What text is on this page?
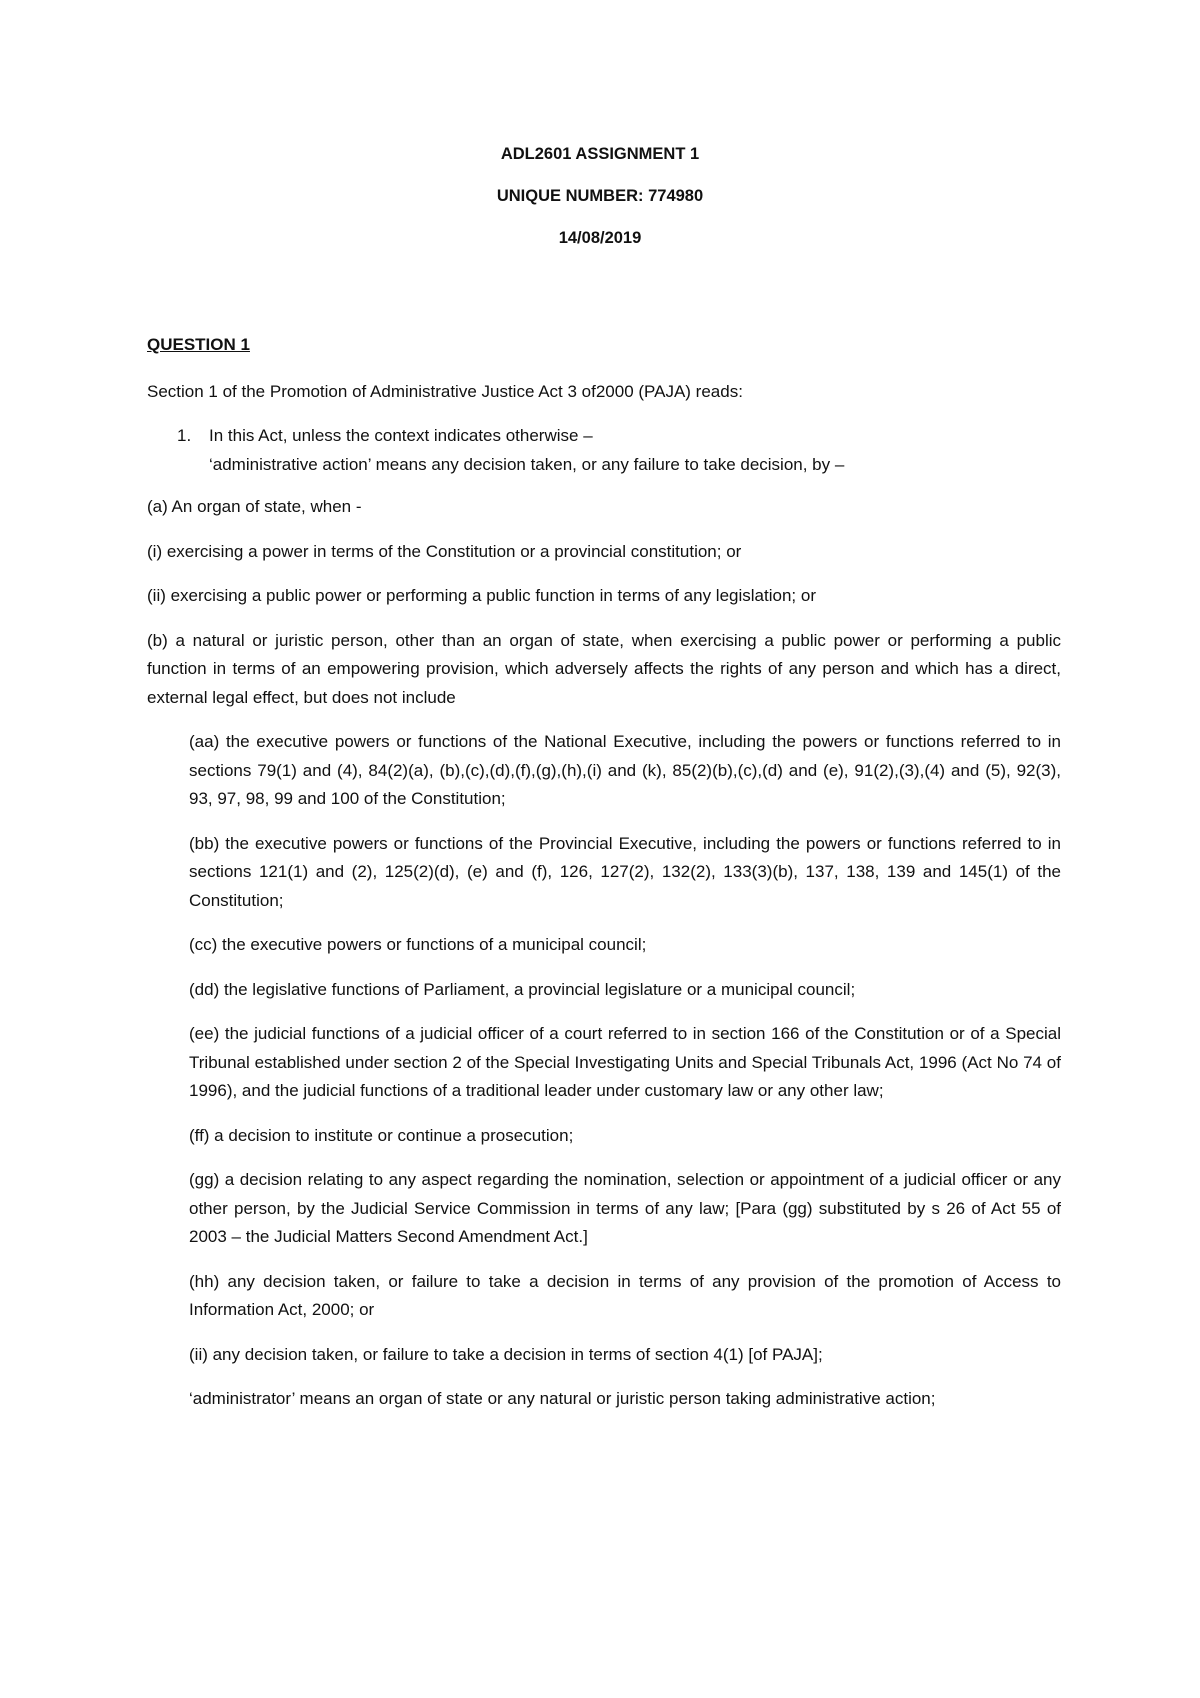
ADL2601 ASSIGNMENT 1
UNIQUE NUMBER: 774980
14/08/2019
QUESTION 1
Section 1 of the Promotion of Administrative Justice Act 3 of2000 (PAJA) reads:
1.	In this Act, unless the context indicates otherwise –
‘administrative action’ means any decision taken, or any failure to take decision, by –
(a) An organ of state, when -
(i) exercising a power in terms of the Constitution or a provincial constitution; or
(ii) exercising a public power or performing a public function in terms of any legislation; or
(b) a natural or juristic person, other than an organ of state, when exercising a public power or performing a public function in terms of an empowering provision, which adversely affects the rights of any person and which has a direct, external legal effect, but does not include
(aa) the executive powers or functions of the National Executive, including the powers or functions referred to in sections 79(1) and (4), 84(2)(a), (b),(c),(d),(f),(g),(h),(i) and (k), 85(2)(b),(c),(d) and (e), 91(2),(3),(4) and (5), 92(3), 93, 97, 98, 99 and 100 of the Constitution;
(bb) the executive powers or functions of the Provincial Executive, including the powers or functions referred to in sections 121(1) and (2), 125(2)(d), (e) and (f), 126, 127(2), 132(2), 133(3)(b), 137, 138, 139 and 145(1) of the Constitution;
(cc) the executive powers or functions of a municipal council;
(dd) the legislative functions of Parliament, a provincial legislature or a municipal council;
(ee) the judicial functions of a judicial officer of a court referred to in section 166 of the Constitution or of a Special Tribunal established under section 2 of the Special Investigating Units and Special Tribunals Act, 1996 (Act No 74 of 1996), and the judicial functions of a traditional leader under customary law or any other law;
(ff) a decision to institute or continue a prosecution;
(gg) a decision relating to any aspect regarding the nomination, selection or appointment of a judicial officer or any other person, by the Judicial Service Commission in terms of any law; [Para (gg) substituted by s 26 of Act 55 of 2003 – the Judicial Matters Second Amendment Act.]
(hh) any decision taken, or failure to take a decision in terms of any provision of the promotion of Access to Information Act, 2000; or
(ii) any decision taken, or failure to take a decision in terms of section 4(1) [of PAJA];
‘administrator’ means an organ of state or any natural or juristic person taking administrative action;
